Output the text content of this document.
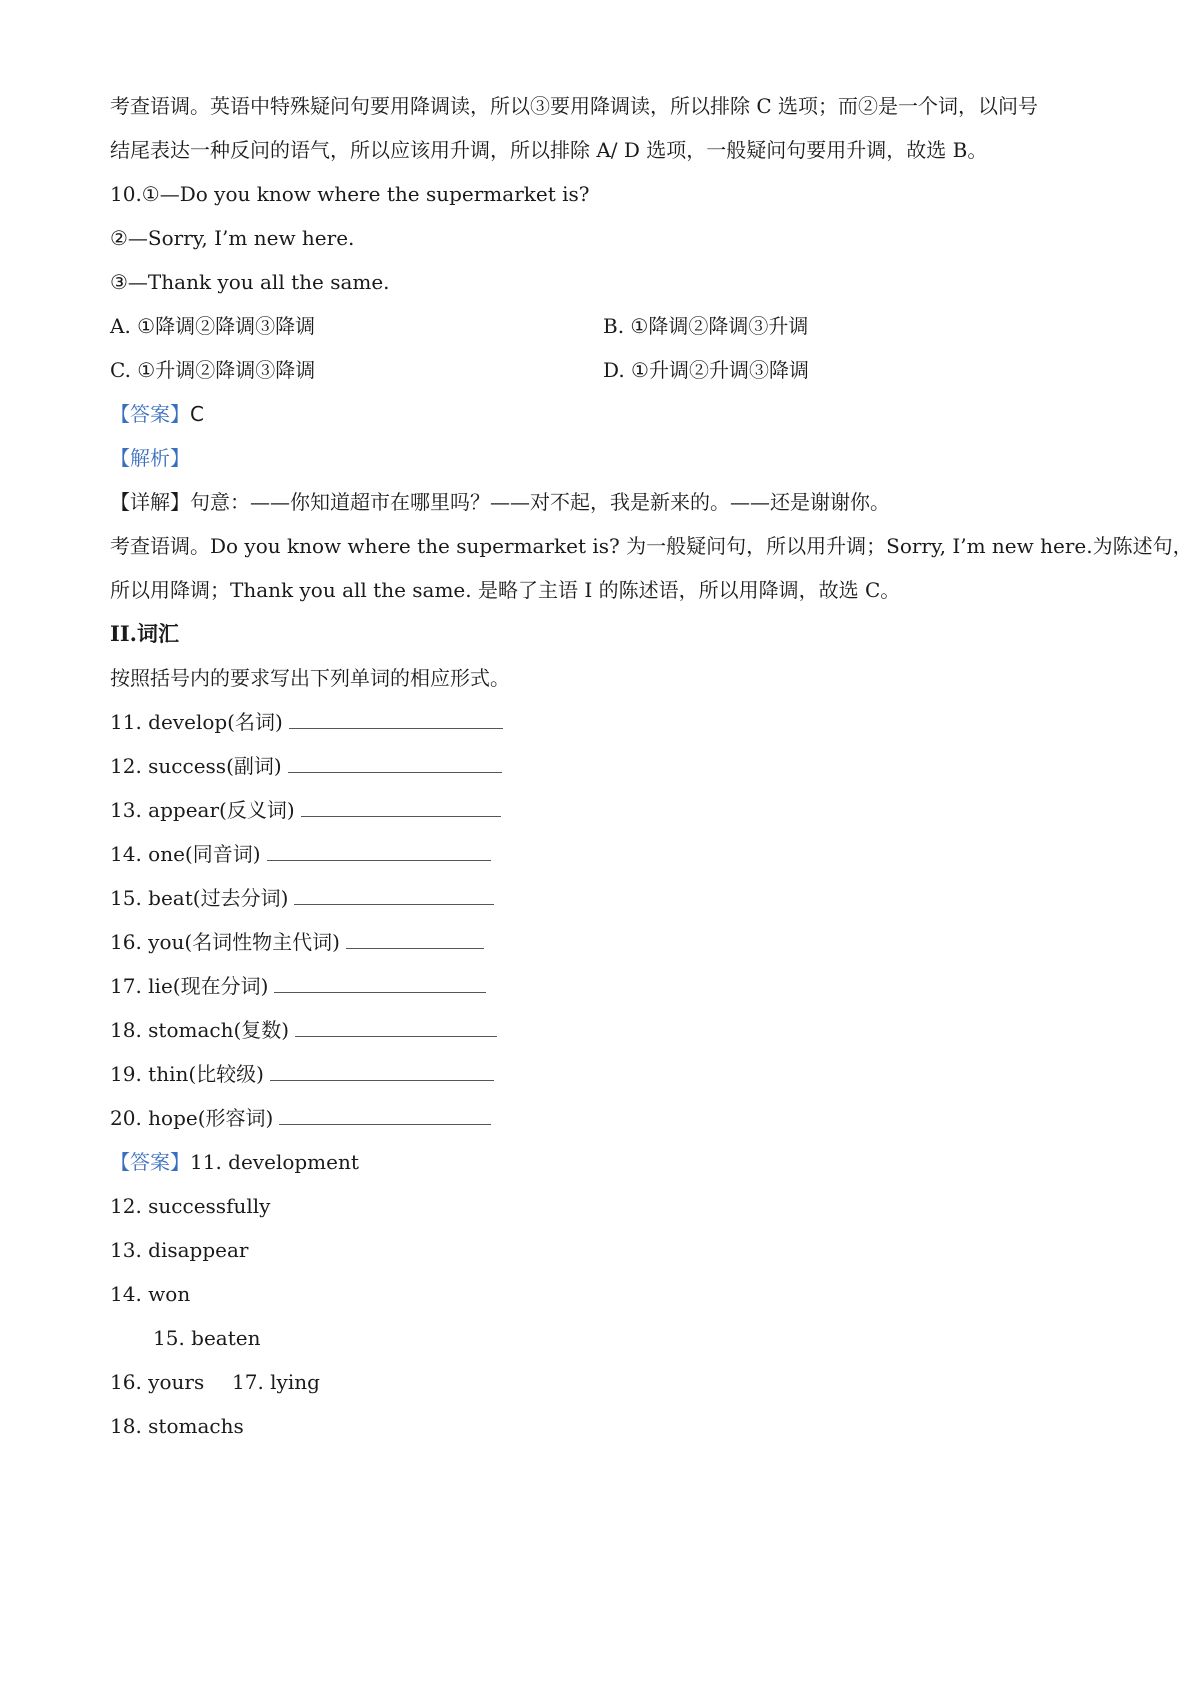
考查语调。英语中特殊疑问句要用降调读，所以③要用降调读，所以排除 C 选项；而②是一个词，以问号
结尾表达一种反问的语气，所以应该用升调，所以排除 A/ D 选项，一般疑问句要用升调，故选 B。
10.①—Do you know where the supermarket is?
②—Sorry, I’m new here.
③—Thank you all the same.
A. ①降调②降调③降调	B. ①降调②降调③升调
C. ①升调②降调③降调	D. ①升调②升调③降调
【答案】C
【解析】
【详解】句意：——你知道超市在哪里吗？——对不起，我是新来的。——还是谢谢你。
考查语调。Do you know where the supermarket is? 为一般疑问句，所以用升调；Sorry, I’m new here.为陈述句，
所以用降调；Thank you all the same. 是略了主语 I 的陈述语，所以用降调，故选 C。
II.词汇
按照括号内的要求写出下列单词的相应形式。
11. develop(名词)
12. success(副词)
13. appear(反义词)
14. one(同音词)
15. beat(过去分词)
16. you(名词性物主代词)
17. lie(现在分词)
18. stomach(复数)
19. thin(比较级)
20. hope(形容词)
【答案】11. development
12. successfully
13. disappear
14. won
15. beaten
16. yours 17. lying
18. stomachs
